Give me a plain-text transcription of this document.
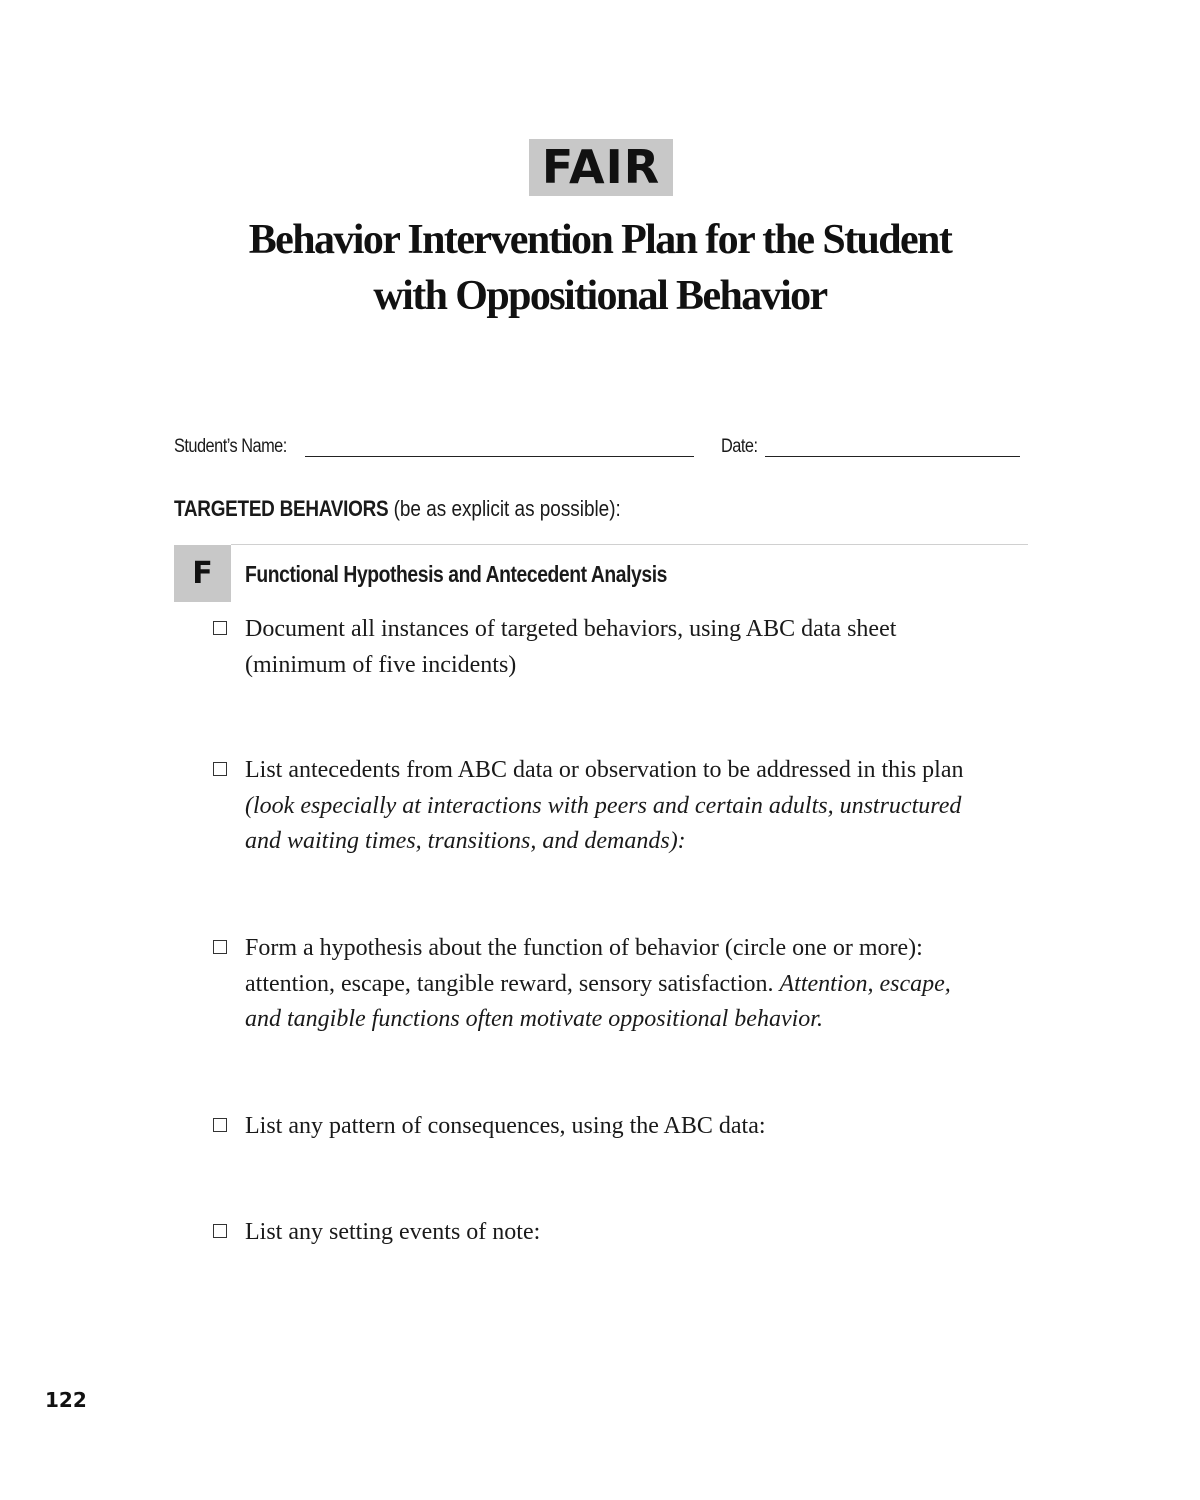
FAIR
Behavior Intervention Plan for the Student
with Oppositional Behavior
Student’s Name:	Date:
TARGETED BEHAVIORS (be as explicit as possible):
F	Functional Hypothesis and Antecedent Analysis
Document all instances of targeted behaviors, using ABC data sheet
(minimum of five incidents)
List antecedents from ABC data or observation to be addressed in this plan
(look especially at interactions with peers and certain adults, unstructured
and waiting times, transitions, and demands):
Form a hypothesis about the function of behavior (circle one or more):
attention, escape, tangible reward, sensory satisfaction. Attention, escape,
and tangible functions often motivate oppositional behavior.
List any pattern of consequences, using the ABC data:
List any setting events of note:
122
